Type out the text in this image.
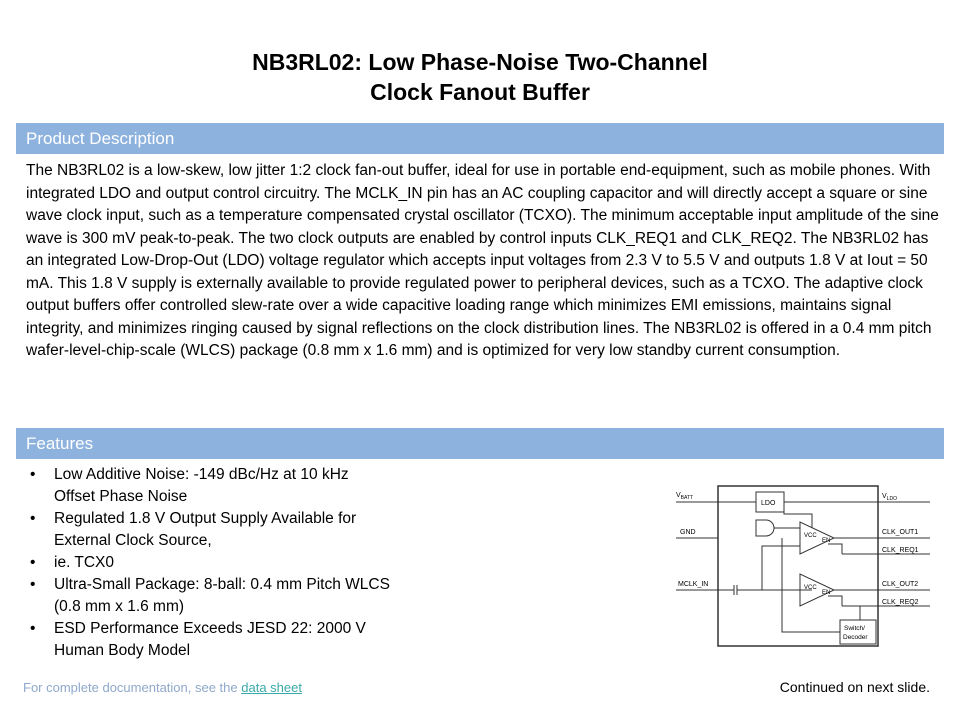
NB3RL02: Low Phase-Noise Two-Channel
Clock Fanout Buffer
Product Description
The NB3RL02 is a low-skew, low jitter 1:2 clock fan-out buffer, ideal for use in portable end-equipment, such as mobile phones. With integrated LDO and output control circuitry. The MCLK_IN pin has an AC coupling capacitor and will directly accept a square or sine wave clock input, such as a temperature compensated crystal oscillator (TCXO). The minimum acceptable input amplitude of the sine wave is 300 mV peak-to-peak. The two clock outputs are enabled by control inputs CLK_REQ1 and CLK_REQ2. The NB3RL02 has an integrated Low-Drop-Out (LDO) voltage regulator which accepts input voltages from 2.3 V to 5.5 V and outputs 1.8 V at Iout = 50 mA. This 1.8 V supply is externally available to provide regulated power to peripheral devices, such as a TCXO. The adaptive clock output buffers offer controlled slew-rate over a wide capacitive loading range which minimizes EMI emissions, maintains signal integrity, and minimizes ringing caused by signal reflections on the clock distribution lines. The NB3RL02 is offered in a 0.4 mm pitch wafer-level-chip-scale (WLCS) package (0.8 mm x 1.6 mm) and is optimized for very low standby current consumption.
Features
• Low Additive Noise: -149 dBc/Hz at 10 kHz
Offset Phase Noise
• Regulated 1.8 V Output Supply Available for
External Clock Source,
• ie. TCX0
• Ultra-Small Package: 8-ball: 0.4 mm Pitch WLCS
(0.8 mm x 1.6 mm)
• ESD Performance Exceeds JESD 22: 2000 V
Human Body Model
$V_{BATT}$
GND
MCLK_IN
LDO
$V_{LDO}$
VCC
EN
CLK_OUT1
CLK_REQ1
VCC
EN
CLK_OUT2
CLK_REQ2
Switch/
Decoder
For complete documentation, see the data sheet	Continued on next slide.
